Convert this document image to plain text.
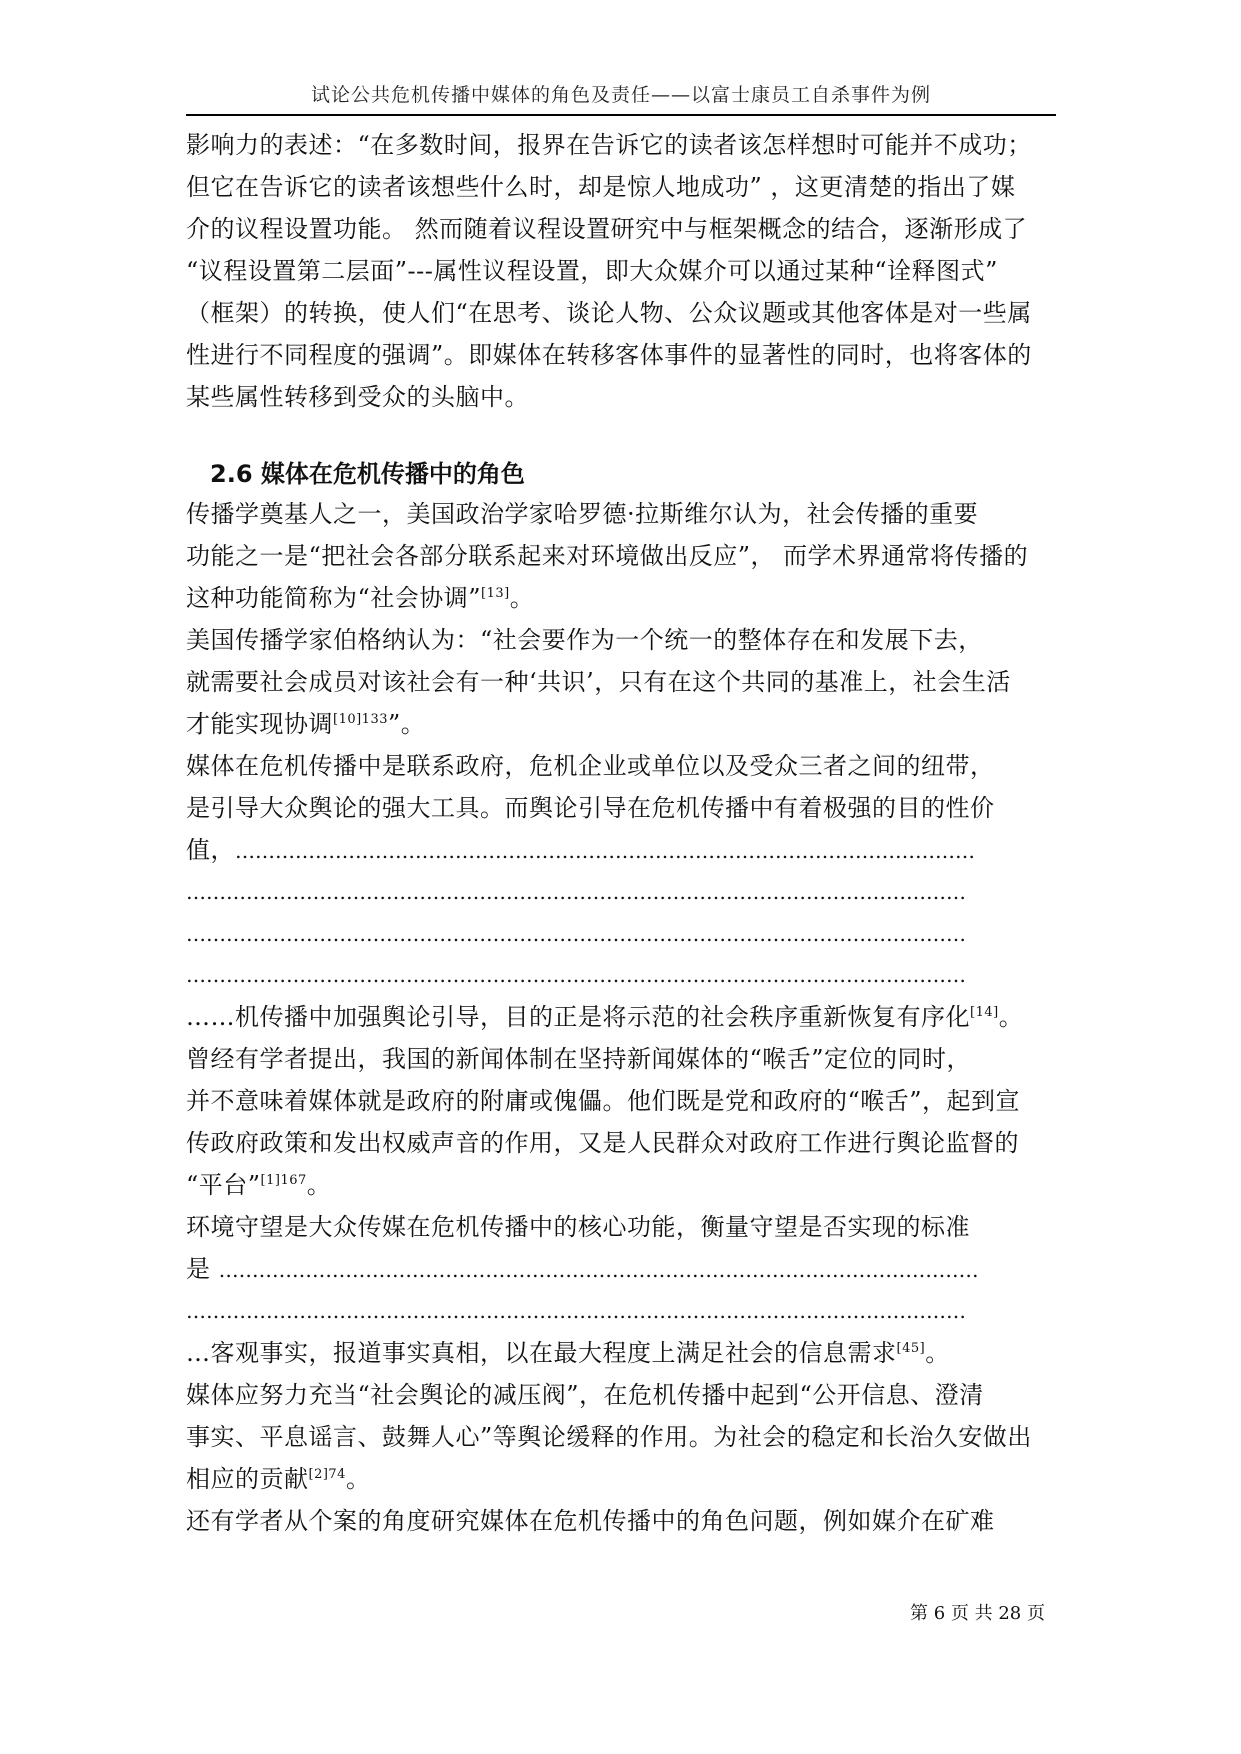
试论公共危机传播中媒体的角色及责任——以富士康员工自杀事件为例
影响力的表述：“在多数时间，报界在告诉它的读者该怎样想时可能并不成功；
但它在告诉它的读者该想些什么时，却是惊人地成功” ，这更清楚的指出了媒
介的议程设置功能。 然而随着议程设置研究中与框架概念的结合，逐渐形成了
“议程设置第二层面”---属性议程设置，即大众媒介可以通过某种“诠释图式”
（框架）的转换，使人们“在思考、谈论人物、公众议题或其他客体是对一些属
性进行不同程度的强调”。即媒体在转移客体事件的显著性的同时，也将客体的
某些属性转移到受众的头脑中。
2.6 媒体在危机传播中的角色
传播学奠基人之一，美国政治学家哈罗德·拉斯维尔认为，社会传播的重要
功能之一是“把社会各部分联系起来对环境做出反应”， 而学术界通常将传播的
这种功能简称为“社会协调”[13]。
美国传播学家伯格纳认为：“社会要作为一个统一的整体存在和发展下去，
就需要社会成员对该社会有一种‘共识’，只有在这个共同的基准上，社会生活
才能实现协调$^{[10]133}$”。
媒体在危机传播中是联系政府，危机企业或单位以及受众三者之间的纽带，
是引导大众舆论的强大工具。而舆论引导在危机传播中有着极强的目的性价
值，…………………………………………………………………………………………………
………………………………………………………………………………………………………
………………………………………………………………………………………………………
………………………………………………………………………………………………………
……机传播中加强舆论引导，目的正是将示范的社会秩序重新恢复有序化[14]。
曾经有学者提出，我国的新闻体制在坚持新闻媒体的“喉舌”定位的同时，
并不意味着媒体就是政府的附庸或傀儡。他们既是党和政府的“喉舌”，起到宣
传政府政策和发出权威声音的作用，又是人民群众对政府工作进行舆论监督的
“平台”$^{[1]167}$。
环境守望是大众传媒在危机传播中的核心功能，衡量守望是否实现的标准
是 ……………………………………………………………………………………………………
………………………………………………………………………………………………………
…客观事实，报道事实真相，以在最大程度上满足社会的信息需求[45]。
媒体应努力充当“社会舆论的减压阀”，在危机传播中起到“公开信息、澄清
事实、平息谣言、鼓舞人心”等舆论缓释的作用。为社会的稳定和长治久安做出
相应的贡献$^{[2]74}$。
还有学者从个案的角度研究媒体在危机传播中的角色问题，例如媒介在矿难
第 6 页 共 28 页
